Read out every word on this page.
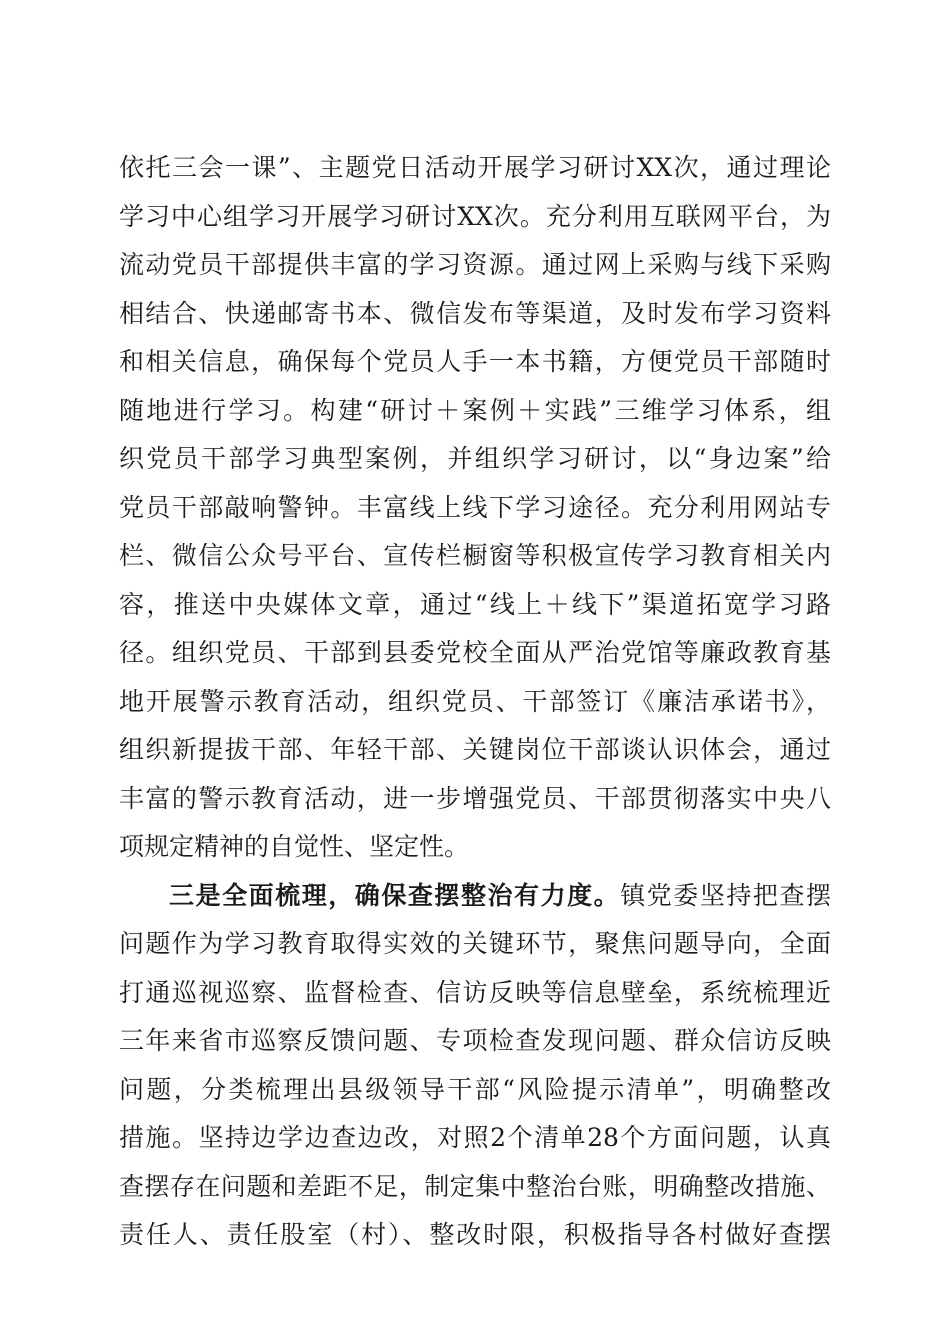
依托三会一课”、主题党日活动开展学习研讨XX次，通过理论
学习中心组学习开展学习研讨XX次。充分利用互联网平台，为
流动党员干部提供丰富的学习资源。通过网上采购与线下采购
相结合、快递邮寄书本、微信发布等渠道，及时发布学习资料
和相关信息，确保每个党员人手一本书籍，方便党员干部随时
随地进行学习。构建“研讨＋案例＋实践”三维学习体系，组
织党员干部学习典型案例，并组织学习研讨，以“身边案”给
党员干部敲响警钟。丰富线上线下学习途径。充分利用网站专
栏、微信公众号平台、宣传栏橱窗等积极宣传学习教育相关内
容，推送中央媒体文章，通过“线上＋线下”渠道拓宽学习路
径。组织党员、干部到县委党校全面从严治党馆等廉政教育基
地开展警示教育活动，组织党员、干部签订《廉洁承诺书》，
组织新提拔干部、年轻干部、关键岗位干部谈认识体会，通过
丰富的警示教育活动，进一步增强党员、干部贯彻落实中央八
项规定精神的自觉性、坚定性。
三是全面梳理，确保查摆整治有力度。镇党委坚持把查摆
问题作为学习教育取得实效的关键环节，聚焦问题导向，全面
打通巡视巡察、监督检查、信访反映等信息壁垒，系统梳理近
三年来省市巡察反馈问题、专项检查发现问题、群众信访反映
问题，分类梳理出县级领导干部“风险提示清单”，明确整改
措施。坚持边学边查边改，对照2个清单28个方面问题，认真
查摆存在问题和差距不足，制定集中整治台账，明确整改措施、
责任人、责任股室（村）、整改时限，积极指导各村做好查摆
